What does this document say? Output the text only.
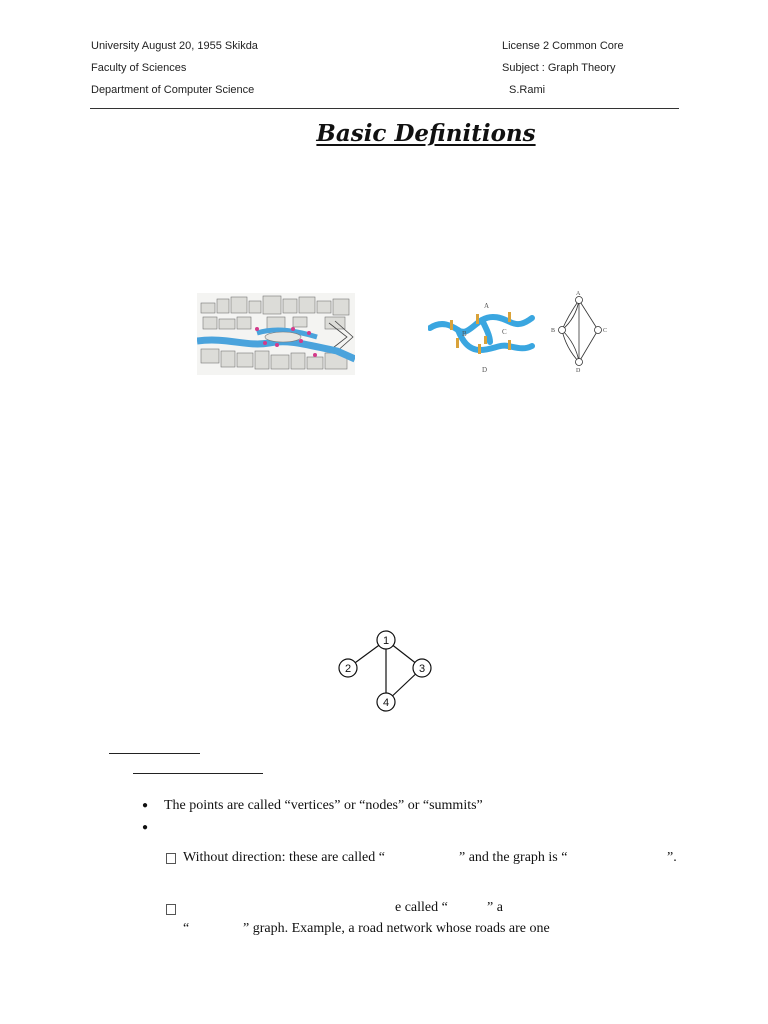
University August 20, 1955 Skikda
Faculty of Sciences
Department of Computer Science
License 2 Common Core
Subject : Graph Theory
S.Rami
Basic Definitions
A
B	C
D
A
B	C
D
1
2	3
4
● The points are called “vertices” or “nodes” or “summits”
●
Without direction: these are called “	” and the graph is “	”.
e called “	” a
“	” graph. Example, a road network whose roads are one
